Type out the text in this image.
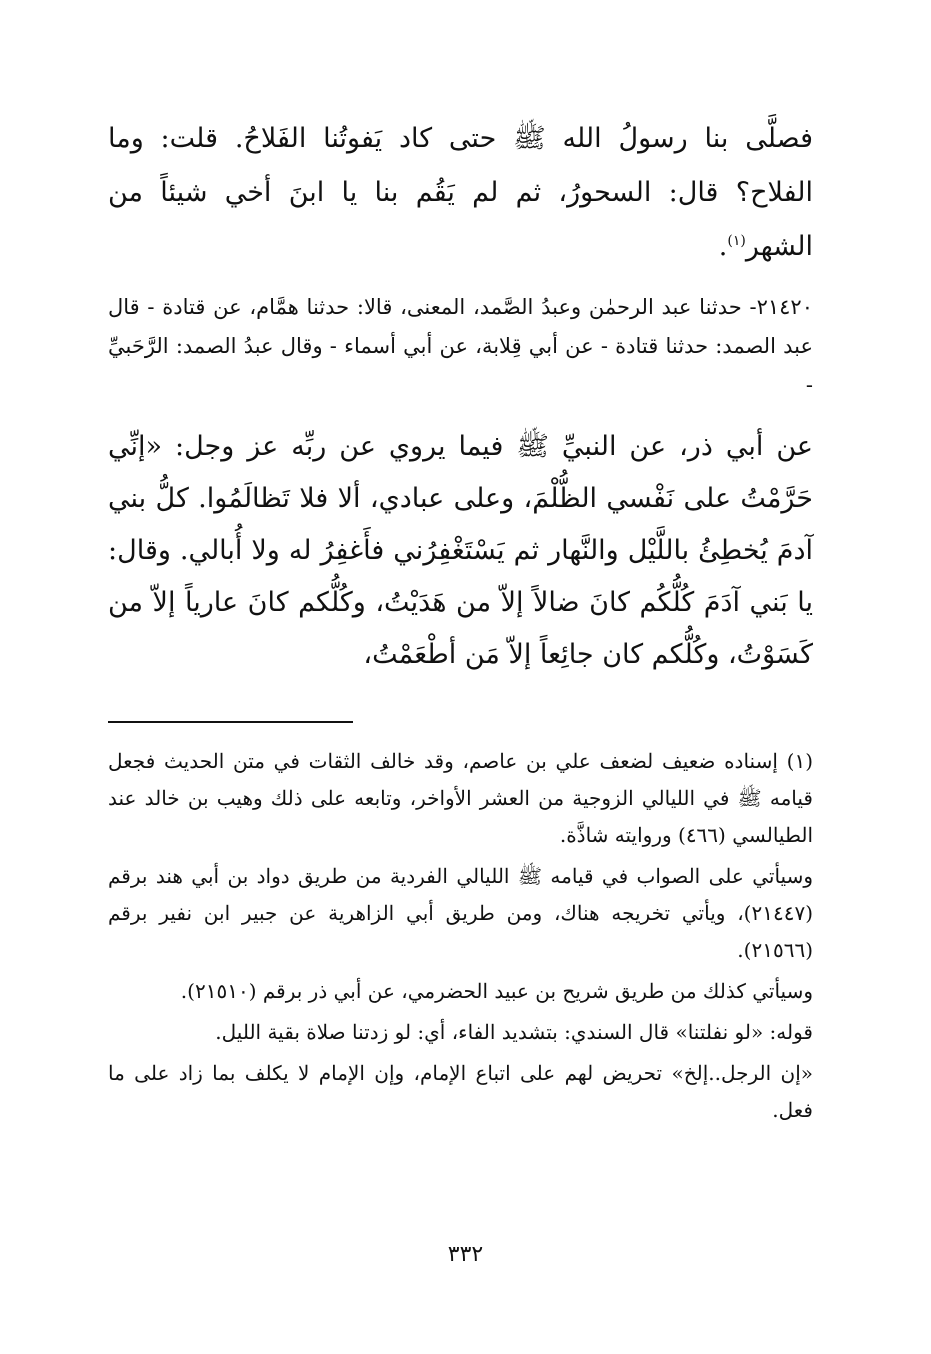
فصلَّى بنا رسولُ الله ﷺ حتى كاد يَفوتُنا الفَلاحُ. قلت: وما الفلاح؟ قال: السحورُ، ثم لم يَقُم بنا يا ابنَ أخي شيئاً من الشهر$^{(١)}$.

٢١٤٢٠- حدثنا عبد الرحمٰن وعبدُ الصَّمد، المعنى، قالا: حدثنا همَّام، عن قتادة - قال عبد الصمد: حدثنا قتادة - عن أبي قِلابة، عن أبي أسماء - وقال عبدُ الصمد: الرَّحَبيِّ -

عن أبي ذر، عن النبيِّ ﷺ فيما يروي عن ربِّه عز وجل: «إنِّي حَرَّمْتُ على نَفْسي الظُّلْمَ، وعلى عبادي، ألا فلا تَظالَمُوا. كلُّ بني آدمَ يُخطِئُ باللَّيْل والنَّهار ثم يَسْتَغْفِرُني فأَغفِرُ له ولا أُبالي. وقال: يا بَني آدَمَ كُلُّكُم كانَ ضالاً إلاّ من هَدَيْتُ، وكُلُّكم كانَ عارياً إلاّ من كَسَوْتُ، وكُلُّكم كان جائِعاً إلاّ مَن أطْعَمْتُ،

(١) إسناده ضعيف لضعف علي بن عاصم، وقد خالف الثقات في متن الحديث فجعل قيامه ﷺ في الليالي الزوجية من العشر الأواخر، وتابعه على ذلك وهيب بن خالد عند الطيالسي (٤٦٦) وروايته شاذَّة.

وسيأتي على الصواب في قيامه ﷺ الليالي الفردية من طريق دواد بن أبي هند برقم (٢١٤٤٧)، ويأتي تخريجه هناك، ومن طريق أبي الزاهرية عن جبير ابن نفير برقم (٢١٥٦٦).

وسيأتي كذلك من طريق شريح بن عبيد الحضرمي، عن أبي ذر برقم (٢١٥١٠).

قوله: «لو نفلتنا» قال السندي: بتشديد الفاء، أي: لو زدتنا صلاة بقية الليل.

«إن الرجل..إلخ» تحريض لهم على اتباع الإمام، وإن الإمام لا يكلف بما زاد على ما فعل.

٣٣٢
